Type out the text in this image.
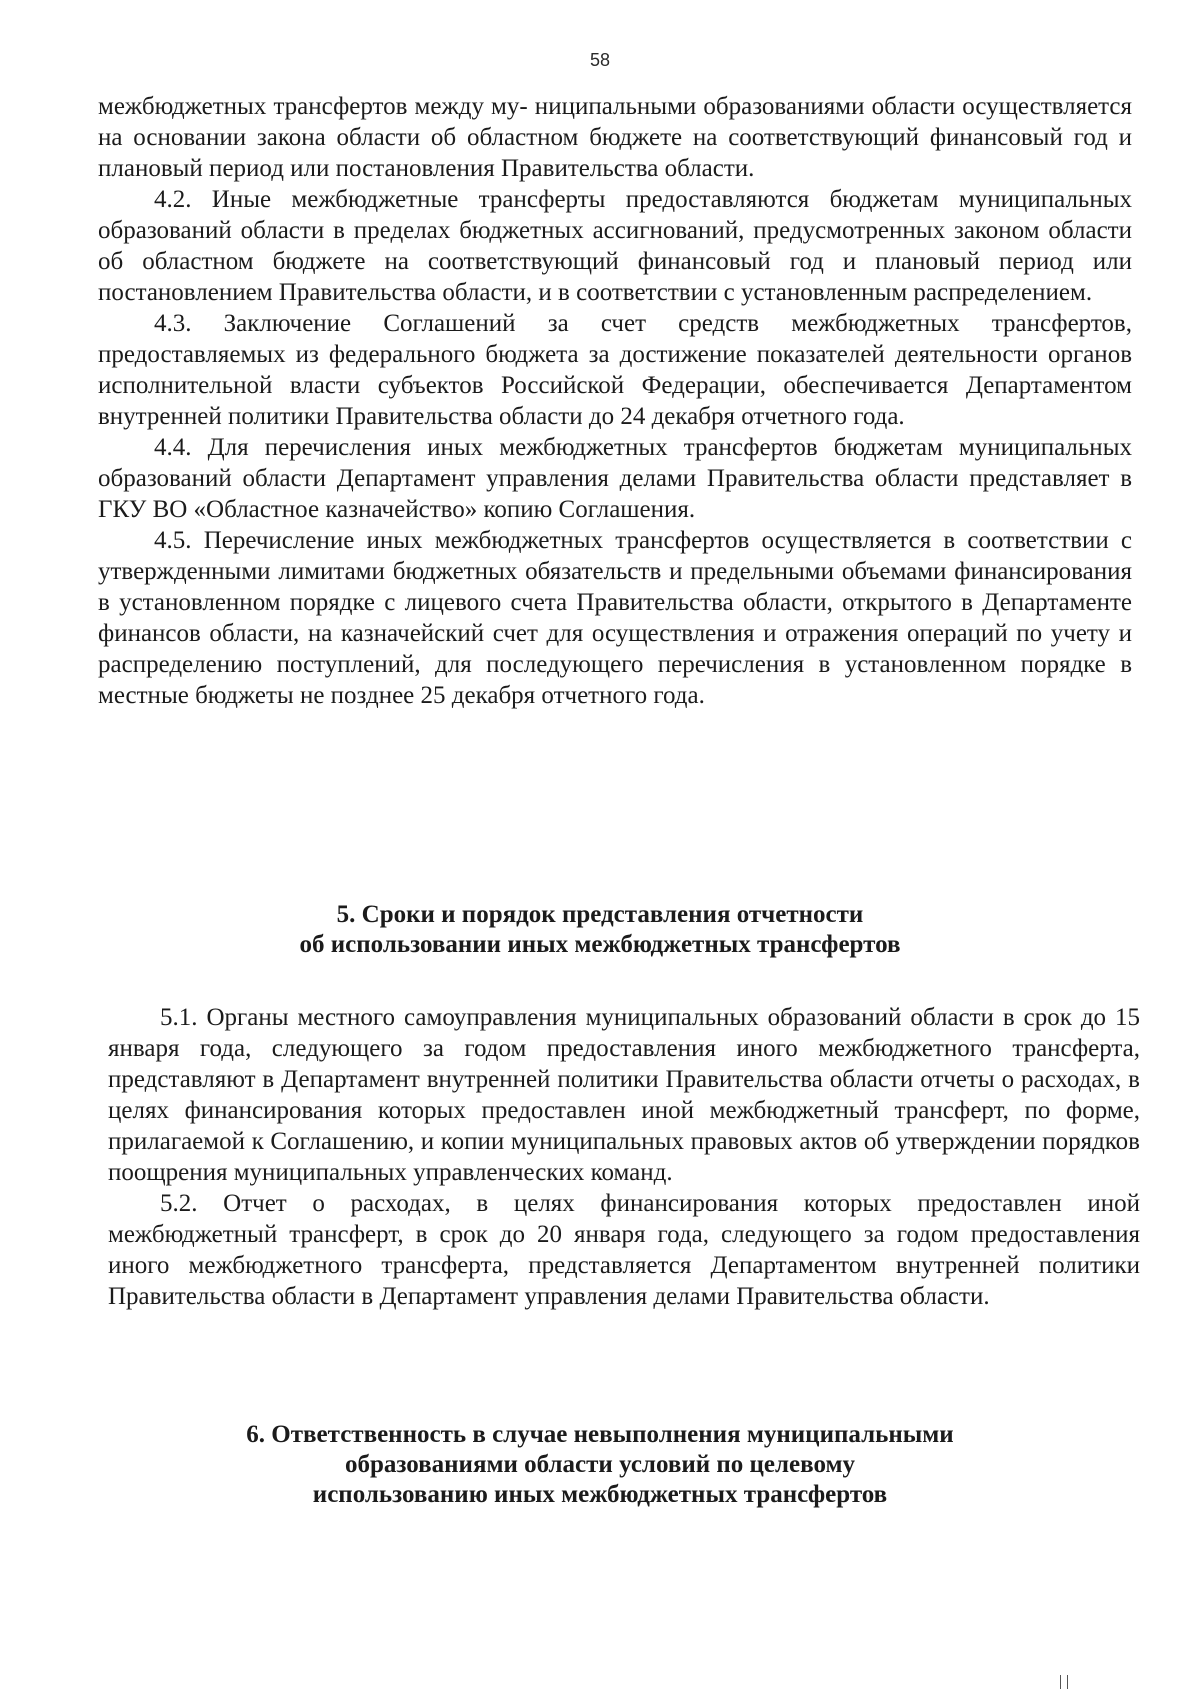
58

межбюджетных трансфертов между му- ниципальными образованиями области осуществляется на основании закона области об областном бюджете на соответствующий финансовый год и плановый период или постановления Правительства области.

4.2. Иные межбюджетные трансферты предоставляются бюджетам муниципальных образований области в пределах бюджетных ассигнований, предусмотренных законом области об областном бюджете на соответствующий финансовый год и плановый период или постановлением Правительства области, и в соответствии с установленным распределением.

4.3. Заключение Соглашений за счет средств межбюджетных трансфертов, предоставляемых из федерального бюджета за достижение показателей деятельности органов исполнительной власти субъектов Российской Федерации, обеспечивается Департаментом внутренней политики Правительства области до 24 декабря отчетного года.

4.4. Для перечисления иных межбюджетных трансфертов бюджетам муниципальных образований области Департамент управления делами Правительства области представляет в ГКУ ВО «Областное казначейство» копию Соглашения.

4.5. Перечисление иных межбюджетных трансфертов осуществляется в соответствии с утвержденными лимитами бюджетных обязательств и предельными объемами финансирования в установленном порядке с лицевого счета Правительства области, открытого в Департаменте финансов области, на казначейский счет для осуществления и отражения операций по учету и распределению поступлений, для последующего перечисления в установленном порядке в местные бюджеты не позднее 25 декабря отчетного года.

5. Сроки и порядок представления отчетности
об использовании иных межбюджетных трансфертов

5.1. Органы местного самоуправления муниципальных образований области в срок до 15 января года, следующего за годом предоставления иного межбюджетного трансферта, представляют в Департамент внутренней политики Правительства области отчеты о расходах, в целях финансирования которых предоставлен иной межбюджетный трансферт, по форме, прилагаемой к Соглашению, и копии муниципальных правовых актов об утверждении порядков поощрения муниципальных управленческих команд.

5.2. Отчет о расходах, в целях финансирования которых предоставлен иной межбюджетный трансферт, в срок до 20 января года, следующего за годом предоставления иного межбюджетного трансферта, представляется Департаментом внутренней политики Правительства области в Департамент управления делами Правительства области.

6. Ответственность в случае невыполнения муниципальными
образованиями области условий по целевому
использованию иных межбюджетных трансфертов
